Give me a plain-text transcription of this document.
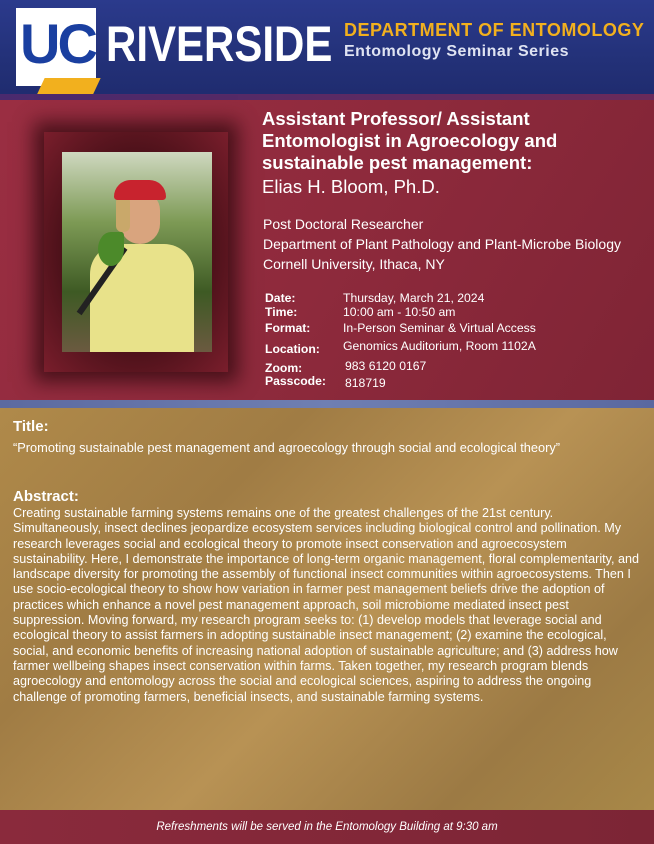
UC RIVERSIDE DEPARTMENT OF ENTOMOLOGY
Entomology Seminar Series
Assistant Professor/ Assistant
Entomologist in Agroecology and
sustainable pest management:
Elias H. Bloom, Ph.D.
Post Doctoral Researcher
Department of Plant Pathology and Plant-Microbe Biology
Cornell University, Ithaca, NY
Date:	Thursday, March 21, 2024
Time:	10:00 am - 10:50 am
Format:	In-Person Seminar & Virtual Access
Location: Genomics Auditorium, Room 1102A
Zoom:	983 6120 0167
Passcode: 818719
Title:
“Promoting sustainable pest management and agroecology through social and ecological theory”
Abstract:
Creating sustainable farming systems remains one of the greatest challenges of the 21st century. Simultaneously, insect declines jeopardize ecosystem services including biological control and pollination. My research leverages social and ecological theory to promote insect conservation and agroecosystem sustainability. Here, I demonstrate the importance of long-term organic management, floral complementarity, and landscape diversity for promoting the assembly of functional insect communities within agroecosystems. Then I use socio-ecological theory to show how variation in farmer pest management beliefs drive the adoption of practices which enhance a novel pest management approach, soil microbiome mediated insect pest suppression. Moving forward, my research program seeks to: (1) develop models that leverage social and ecological theory to assist farmers in adopting sustainable insect management; (2) examine the ecological, social, and economic benefits of increasing national adoption of sustainable agriculture; and (3) address how farmer wellbeing shapes insect conservation within farms. Taken together, my research program blends agroecology and entomology across the social and ecological sciences, aspiring to address the ongoing challenge of promoting farmers, beneficial insects, and sustainable farming systems.
Refreshments will be served in the Entomology Building at 9:30 am
